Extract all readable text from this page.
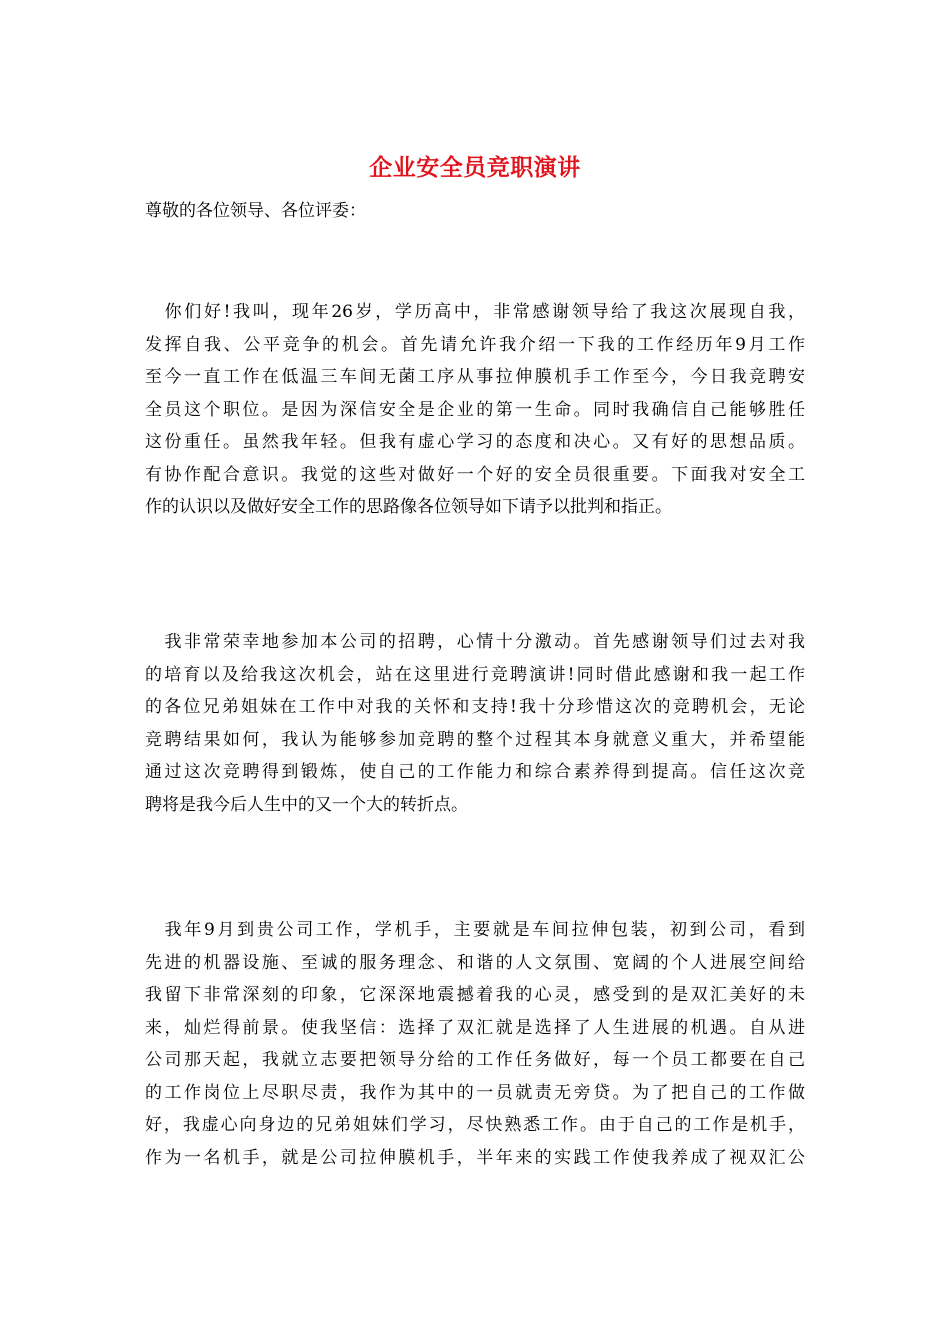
企业安全员竞职演讲
尊敬的各位领导、各位评委：
　你们好!我叫，现年26岁，学历高中，非常感谢领导给了我这次展现自我，
发挥自我、公平竞争的机会。首先请允许我介绍一下我的工作经历年9月工作
至今一直工作在低温三车间无菌工序从事拉伸膜机手工作至今，今日我竞聘安
全员这个职位。是因为深信安全是企业的第一生命。同时我确信自己能够胜任
这份重任。虽然我年轻。但我有虚心学习的态度和决心。又有好的思想品质。
有协作配合意识。我觉的这些对做好一个好的安全员很重要。下面我对安全工
作的认识以及做好安全工作的思路像各位领导如下请予以批判和指正。
　我非常荣幸地参加本公司的招聘，心情十分激动。首先感谢领导们过去对我
的培育以及给我这次机会，站在这里进行竞聘演讲!同时借此感谢和我一起工作
的各位兄弟姐妹在工作中对我的关怀和支持!我十分珍惜这次的竞聘机会，无论
竞聘结果如何，我认为能够参加竞聘的整个过程其本身就意义重大，并希望能
通过这次竞聘得到锻炼，使自己的工作能力和综合素养得到提高。信任这次竞
聘将是我今后人生中的又一个大的转折点。
　我年9月到贵公司工作，学机手，主要就是车间拉伸包装，初到公司，看到
先进的机器设施、至诚的服务理念、和谐的人文氛围、宽阔的个人进展空间给
我留下非常深刻的印象，它深深地震撼着我的心灵，感受到的是双汇美好的未
来，灿烂得前景。使我坚信：选择了双汇就是选择了人生进展的机遇。自从进
公司那天起，我就立志要把领导分给的工作任务做好，每一个员工都要在自己
的工作岗位上尽职尽责，我作为其中的一员就责无旁贷。为了把自己的工作做
好，我虚心向身边的兄弟姐妹们学习，尽快熟悉工作。由于自己的工作是机手，
作为一名机手，就是公司拉伸膜机手，半年来的实践工作使我养成了视双汇公
